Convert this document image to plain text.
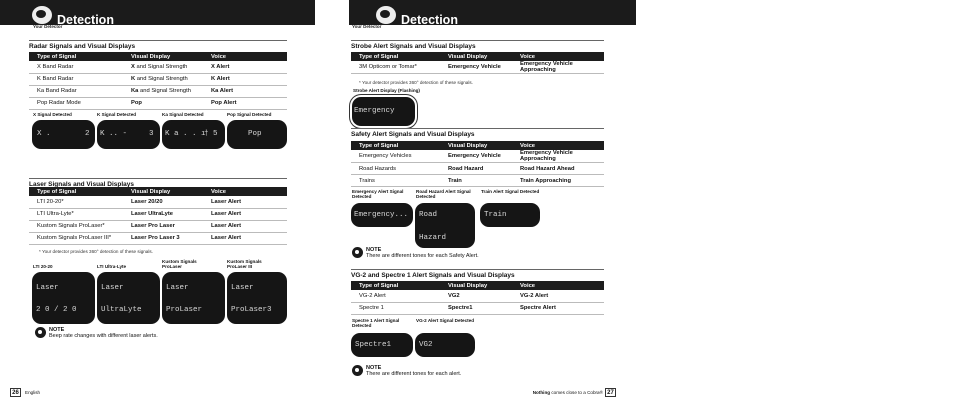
Detection
Your Detector
Radar Signals and Visual Displays
Type of Signal	Visual Display	Voice
X Band Radar	X and Signal Strength	X Alert
K Band Radar	K and Signal Strength	K Alert
Ka Band Radar	Ka and Signal Strength	Ka Alert
Pop Radar Mode	Pop	Pop Alert
X Signal Detected	K Signal Detected	Ka Signal Detected	Pop Signal Detected
X .	2 K .. -	3 K a . . ı
† 5	Pop
Laser Signals and Visual Displays
Type of Signal	Visual Display	Voice
LTI 20-20*	Laser 20/20	Laser Alert
LTI Ultra-Lyte*	Laser UltraLyte	Laser Alert
Kustom Signals ProLaser*	Laser Pro Laser	Laser Alert
Kustom Signals ProLaser III*	Laser Pro Laser 3	Laser Alert
* Your detector provides 360° detection of these signals.
LTI 20-20	LTI Ultra-Lyte
Kustom Signals ProLaser
Kustom Signals ProLaser III
Laser
2 0 / 2 0
Laser
UltraLyte
Laser
ProLaser
Laser
ProLaser3
NOTE
Beep rate changes with different laser alerts.
26	English
Detection
Your Detector
Strobe Alert Signals and Visual Displays
Type of Signal	Visual Display	Voice
3M Opticom or Tomar*	Emergency Vehicle	Emergency Vehicle Approaching
* Your detector provides 360° detection of these signals.
Strobe Alert Display (Flashing)
Emergency
Safety Alert Signals and Visual Displays
Type of Signal	Visual Display	Voice
Emergency Vehicles	Emergency Vehicle	Emergency Vehicle Approaching
Road Hazards	Road Hazard	Road Hazard Ahead
Trains	Train	Train Approaching
Emergency Alert Signal Detected
Road Hazard Alert Signal Detected
Train Alert Signal Detected
Emergency... Road
Hazard
Train
NOTE
There are different tones for each Safety Alert.
VG-2 and Spectre 1 Alert Signals and Visual Displays
Type of Signal	Visual Display	Voice
VG-2 Alert	VG2	VG-2 Alert
Spectre 1	Spectre1	Spectre Alert
Spectre 1 Alert Signal Detected
VG-2 Alert Signal Detected
Spectre1	VG2
NOTE
There are different tones for each alert.
Nothing comes close to a Cobra® 27
